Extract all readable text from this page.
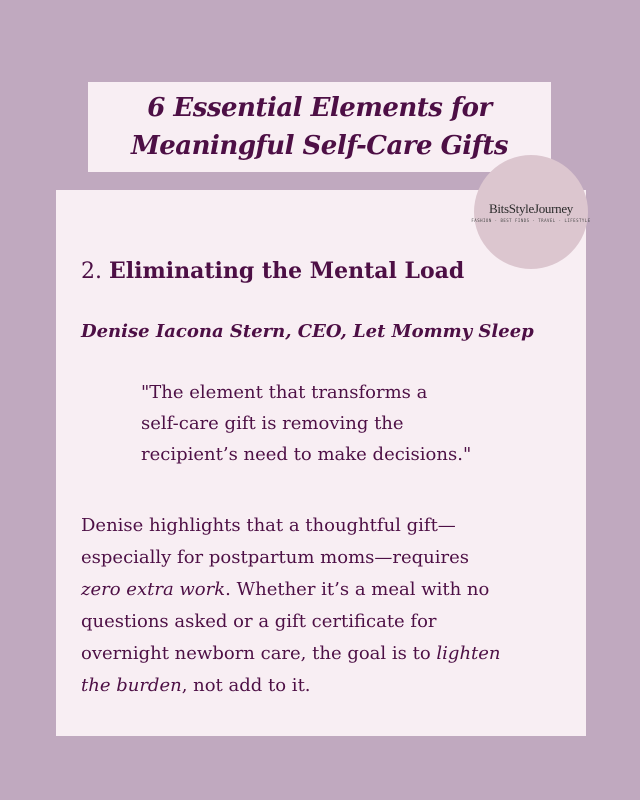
6 Essential Elements for
Meaningful Self-Care Gifts
BitsStyleJourney
FASHION · BEST FINDS · TRAVEL · LIFESTYLE
2. Eliminating the Mental Load
Denise Iacona Stern, CEO, Let Mommy Sleep
"The element that transforms a
self-care gift is removing the
recipient’s need to make decisions."
Denise highlights that a thoughtful gift—
especially for postpartum moms—requires
zero extra work. Whether it’s a meal with no
questions asked or a gift certificate for
overnight newborn care, the goal is to lighten
the burden, not add to it.
